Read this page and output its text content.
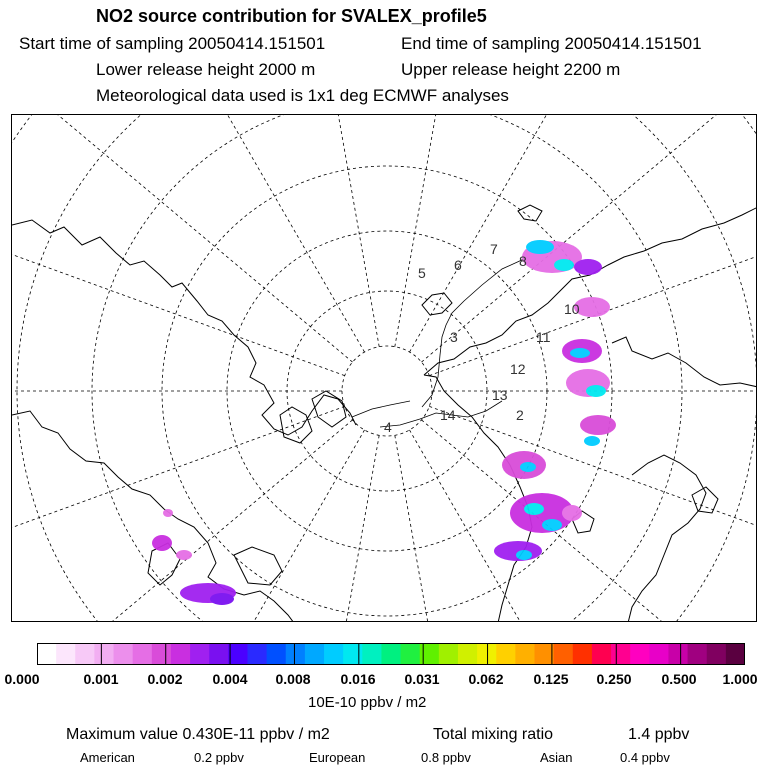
NO2 source contribution for SVALEX_profile5
Start time of sampling 20050414.151501	End time of sampling 20050414.151501
Lower release height 2000 m	Upper release height 2200 m
Meteorological data used is 1x1 deg ECMWF analyses
5 6
7
8
10
11
12
13
2
14
3
4
0.000	0.001 0.002 0.004 0.008 0.016 0.031 0.062 0.125 0.250 0.500 1.000
10E-10 ppbv / m2
Maximum value 0.430E-11 ppbv / m2	Total mixing ratio	1.4 ppbv
American	0.2 ppbv	European	0.8 ppbv	Asian	0.4 ppbv
